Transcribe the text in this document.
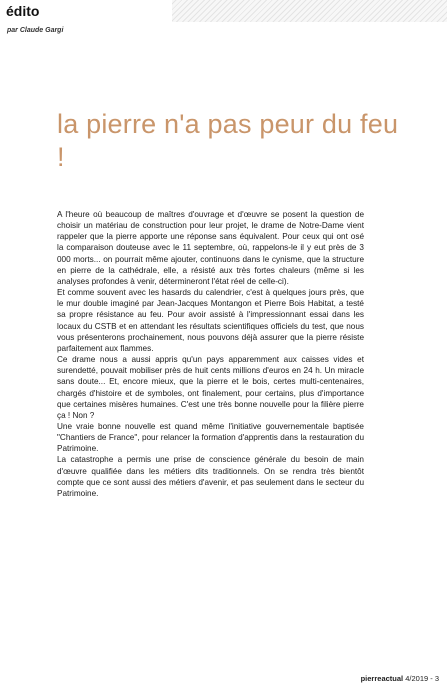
édito
par Claude Gargi
la pierre n'a pas peur du feu !

A l'heure où beaucoup de maîtres d'ouvrage et d'œuvre se posent la question de choisir un matériau de construction pour leur projet, le drame de Notre-Dame vient rappeler que la pierre apporte une réponse sans équivalent. Pour ceux qui ont osé la comparaison douteuse avec le 11 septembre, où, rappelons-le il y eut près de 3 000 morts... on pourrait même ajouter, continuons dans le cynisme, que la structure en pierre de la cathédrale, elle, a résisté aux très fortes chaleurs (même si les analyses profondes à venir, détermineront l'état réel de celle-ci).

Et comme souvent avec les hasards du calendrier, c'est à quelques jours près, que le mur double imaginé par Jean-Jacques Montangon et Pierre Bois Habitat, a testé sa propre résistance au feu. Pour avoir assisté à l'impressionnant essai dans les locaux du CSTB et en attendant les résultats scientifiques officiels du test, que nous vous présenterons prochainement, nous pouvons déjà assurer que la pierre résiste parfaitement aux flammes.

Ce drame nous a aussi appris qu'un pays apparemment aux caisses vides et surendetté, pouvait mobiliser près de huit cents millions d'euros en 24 h. Un miracle sans doute... Et, encore mieux, que la pierre et le bois, certes multi-centenaires, chargés d'histoire et de symboles, ont finalement, pour certains, plus d'importance que certaines misères humaines. C'est une très bonne nouvelle pour la filière pierre ça ! Non ?

Une vraie bonne nouvelle est quand même l'initiative gouvernementale baptisée "Chantiers de France", pour relancer la formation d'apprentis dans la restauration du Patrimoine.

La catastrophe a permis une prise de conscience générale du besoin de main d'œuvre qualifiée dans les métiers dits traditionnels. On se rendra très bientôt compte que ce sont aussi des métiers d'avenir, et pas seulement dans le secteur du Patrimoine.

pierreactual 4/2019 - 3
